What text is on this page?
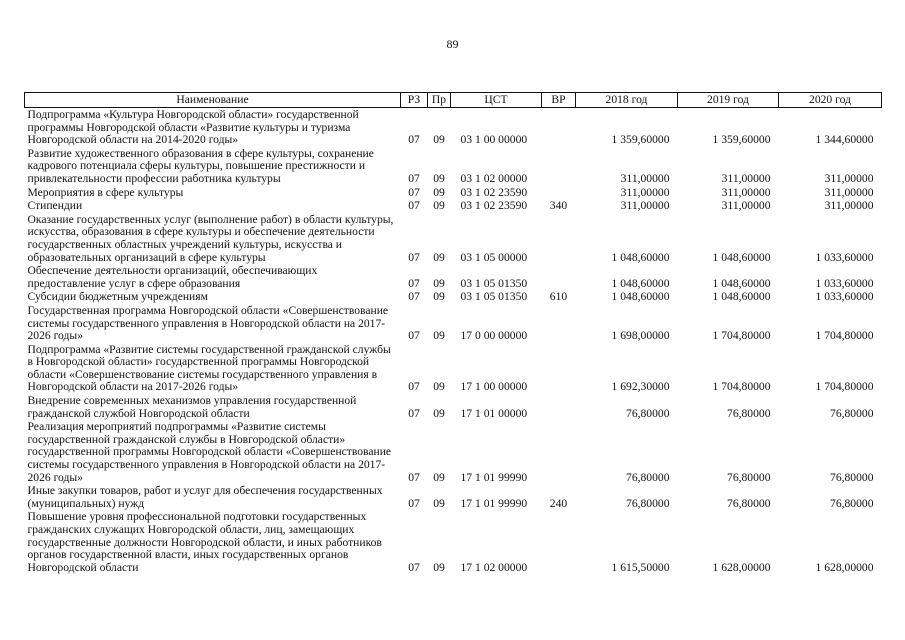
89
Наименование	РЗ	Пр	ЦСТ	ВР	2018 год	2019 год	2020 год
Подпрограмма «Культура Новгородской области» государственной программы Новгородской области «Развитие культуры и туризма Новгородской области на 2014-2020 годы»	07	09	03 1 00 00000		1 359,60000	1 359,60000	1 344,60000
Развитие художественного образования в сфере культуры, сохранение кадрового потенциала сферы культуры, повышение престижности и привлекательности профессии работника культуры	07	09	03 1 02 00000		311,00000	311,00000	311,00000
Мероприятия в сфере культуры	07	09	03 1 02 23590		311,00000	311,00000	311,00000
Стипендии	07	09	03 1 02 23590	340	311,00000	311,00000	311,00000
Оказание государственных услуг (выполнение работ) в области культуры, искусства, образования в сфере культуры и обеспечение деятельности государственных областных учреждений культуры, искусства и образовательных организаций в сфере культуры	07	09	03 1 05 00000		1 048,60000	1 048,60000	1 033,60000
Обеспечение деятельности организаций, обеспечивающих предоставление услуг в сфере образования	07	09	03 1 05 01350		1 048,60000	1 048,60000	1 033,60000
Субсидии бюджетным учреждениям	07	09	03 1 05 01350	610	1 048,60000	1 048,60000	1 033,60000
Государственная программа Новгородской области «Совершенствование системы государственного управления в Новгородской области на 2017-2026 годы»	07	09	17 0 00 00000		1 698,00000	1 704,80000	1 704,80000
Подпрограмма «Развитие системы государственной гражданской службы в Новгородской области» государственной программы Новгородской области «Совершенствование системы государственного управления в Новгородской области на 2017-2026 годы»	07	09	17 1 00 00000		1 692,30000	1 704,80000	1 704,80000
Внедрение современных механизмов управления государственной гражданской службой Новгородской области	07	09	17 1 01 00000		76,80000	76,80000	76,80000
Реализация мероприятий подпрограммы «Развитие системы государственной гражданской службы в Новгородской области» государственной программы Новгородской области «Совершенствование системы государственного управления в Новгородской области на 2017-2026 годы»	07	09	17 1 01 99990		76,80000	76,80000	76,80000
Иные закупки товаров, работ и услуг для обеспечения государственных (муниципальных) нужд	07	09	17 1 01 99990	240	76,80000	76,80000	76,80000
Повышение уровня профессиональной подготовки государственных гражданских служащих Новгородской области, лиц, замещающих государственные должности Новгородской области, и иных работников органов государственной власти, иных государственных органов Новгородской области	07	09	17 1 02 00000		1 615,50000	1 628,00000	1 628,00000
